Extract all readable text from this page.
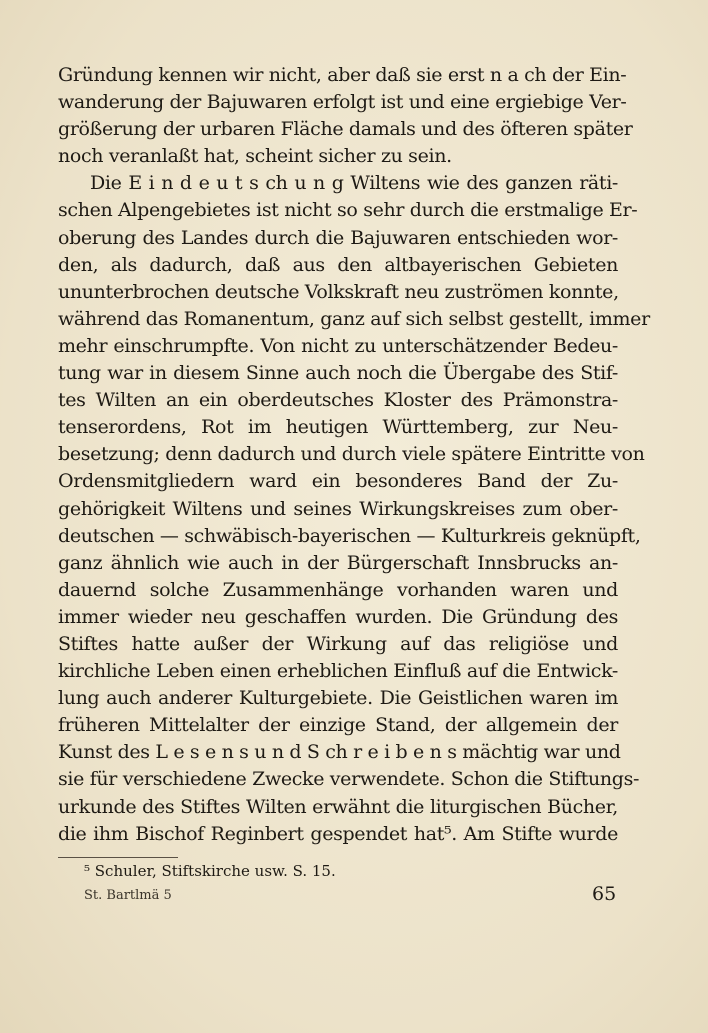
Gründung kennen wir nicht, aber daß sie erst n a ch der Ein-
wanderung der Bajuwaren erfolgt ist und eine ergiebige Ver-
größerung der urbaren Fläche damals und des öfteren später
noch veranlaßt hat, scheint sicher zu sein.
Die E i n d e u t s ch u n g Wiltens wie des ganzen räti-
schen Alpengebietes ist nicht so sehr durch die erstmalige Er-
oberung des Landes durch die Bajuwaren entschieden wor-
den, als dadurch, daß aus den altbayerischen Gebieten
ununterbrochen deutsche Volkskraft neu zuströmen konnte,
während das Romanentum, ganz auf sich selbst gestellt, immer
mehr einschrumpfte. Von nicht zu unterschätzender Bedeu-
tung war in diesem Sinne auch noch die Übergabe des Stif-
tes Wilten an ein oberdeutsches Kloster des Prämonstra-
tenserordens, Rot im heutigen Württemberg, zur Neu-
besetzung; denn dadurch und durch viele spätere Eintritte von
Ordensmitgliedern ward ein besonderes Band der Zu-
gehörigkeit Wiltens und seines Wirkungskreises zum ober-
deutschen — schwäbisch-bayerischen — Kulturkreis geknüpft,
ganz ähnlich wie auch in der Bürgerschaft Innsbrucks an-
dauernd solche Zusammenhänge vorhanden waren und
immer wieder neu geschaffen wurden. Die Gründung des
Stiftes hatte außer der Wirkung auf das religiöse und
kirchliche Leben einen erheblichen Einfluß auf die Entwick-
lung auch anderer Kulturgebiete. Die Geistlichen waren im
früheren Mittelalter der einzige Stand, der allgemein der
Kunst des L e s e n s u n d S ch r e i b e n s mächtig war und
sie für verschiedene Zwecke verwendete. Schon die Stiftungs-
urkunde des Stiftes Wilten erwähnt die liturgischen Bücher,
die ihm Bischof Reginbert gespendet hat⁵. Am Stifte wurde
⁵ Schuler, Stiftskirche usw. S. 15.
St. Bartlmä 5	65
